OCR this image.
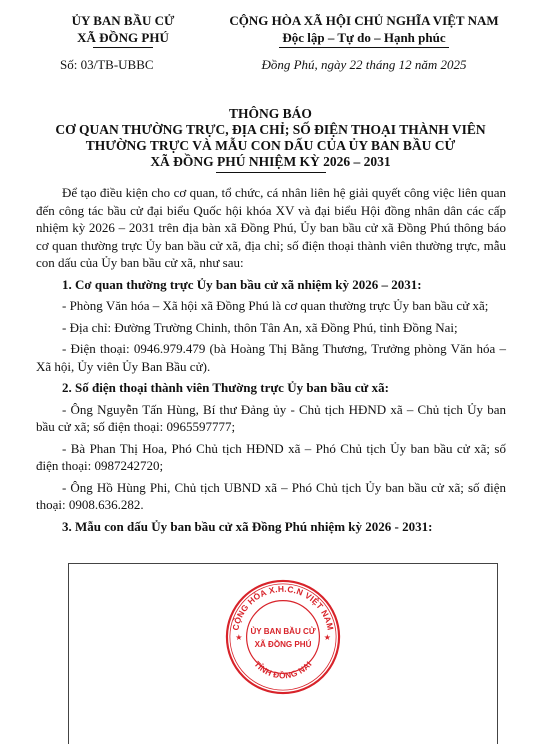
ỦY BAN BẦU CỬ
XÃ ĐỒNG PHÚ
Số: 03/TB-UBBC
CỘNG HÒA XÃ HỘI CHỦ NGHĨA VIỆT NAM
Độc lập – Tự do – Hạnh phúc
Đồng Phú, ngày 22 tháng 12 năm 2025
THÔNG BÁO
CƠ QUAN THƯỜNG TRỰC, ĐỊA CHỈ; SỐ ĐIỆN THOẠI THÀNH VIÊN
THƯỜNG TRỰC VÀ MẪU CON DẤU CỦA ỦY BAN BẦU CỬ
XÃ ĐỒNG PHÚ NHIỆM KỲ 2026 – 2031

Để tạo điều kiện cho cơ quan, tổ chức, cá nhân liên hệ giải quyết công việc liên quan đến công tác bầu cử đại biểu Quốc hội khóa XV và đại biểu Hội đồng nhân dân các cấp nhiệm kỳ 2026 – 2031 trên địa bàn xã Đồng Phú, Ủy ban bầu cử xã Đồng Phú thông báo cơ quan thường trực Ủy ban bầu cử xã, địa chỉ; số điện thoại thành viên thường trực, mẫu con dấu của Ủy ban bầu cử xã, như sau:

1. Cơ quan thường trực Ủy ban bầu cử xã nhiệm kỳ 2026 – 2031:

- Phòng Văn hóa – Xã hội xã Đồng Phú là cơ quan thường trực Ủy ban bầu cử xã;

- Địa chỉ: Đường Trường Chinh, thôn Tân An, xã Đồng Phú, tỉnh Đồng Nai;

- Điện thoại: 0946.979.479 (bà Hoàng Thị Bằng Thương, Trưởng phòng Văn hóa – Xã hội, Ủy viên Ủy Ban Bầu cử).

2. Số điện thoại thành viên Thường trực Ủy ban bầu cử xã:

- Ông Nguyễn Tấn Hùng, Bí thư Đảng ủy - Chủ tịch HĐND xã – Chủ tịch Ủy ban bầu cử xã; số điện thoại: 0965597777;

- Bà Phan Thị Hoa, Phó Chủ tịch HĐND xã – Phó Chủ tịch Ủy ban bầu cử xã; số điện thoại: 0987242720;

- Ông Hồ Hùng Phi, Chủ tịch UBND xã – Phó Chủ tịch Ủy ban bầu cử xã; số điện thoại: 0908.636.282.

3. Mẫu con dấu Ủy ban bầu cử xã Đồng Phú nhiệm kỳ 2026 - 2031:

CỘNG HÒA X.H.C.N VIỆT NAM
TỈNH ĐỒNG NAI
ỦY BAN BẦU CỬ
XÃ ĐỒNG PHÚ
★	★
